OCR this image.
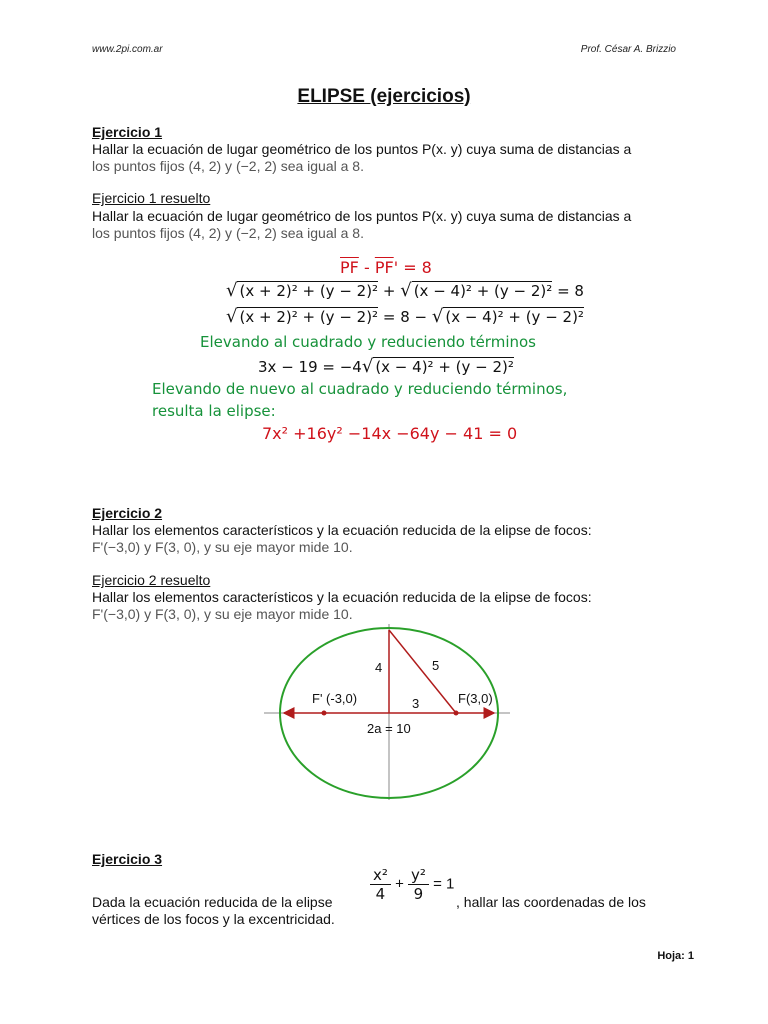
www.2pi.com.ar	Prof. César A. Brizzio
ELIPSE (ejercicios)
Ejercicio 1
Hallar la ecuación de lugar geométrico de los puntos P(x. y) cuya suma de distancias a
los puntos fijos (4, 2) y (−2, 2) sea igual a 8.
Ejercicio 1 resuelto
Hallar la ecuación de lugar geométrico de los puntos P(x. y) cuya suma de distancias a
los puntos fijos (4, 2) y (−2, 2) sea igual a 8.
$\overline{PF} - \overline{PF}' = 8$
√ (x + 2)² + (y − 2)² + √ (x − 4)² + (y − 2)² = 8
√ (x + 2)² + (y − 2)² = 8 − √ (x − 4)² + (y − 2)²
Elevando al cuadrado y reduciendo términos
3x − 19 = −4√ (x − 4)² + (y − 2)²
Elevando de nuevo al cuadrado y reduciendo términos,
resulta la elipse:
7x² +16y² −14x −64y − 41 = 0
Ejercicio 2
Hallar los elementos característicos y la ecuación reducida de la elipse de focos:
F'(−3,0) y F(3, 0), y su eje mayor mide 10.
Ejercicio 2 resuelto
Hallar los elementos característicos y la ecuación reducida de la elipse de focos:
F'(−3,0) y F(3, 0), y su eje mayor mide 10.
4	5
3
F' (-3,0)	F(3,0)
2a = 10
Ejercicio 3
Dada la ecuación reducida de la elipse	$\frac{\text{x²}}{4} + \frac{\text{y²}}{9} = 1$
, hallar las coordenadas de los
vértices de los focos y la excentricidad.
Hoja: 1
